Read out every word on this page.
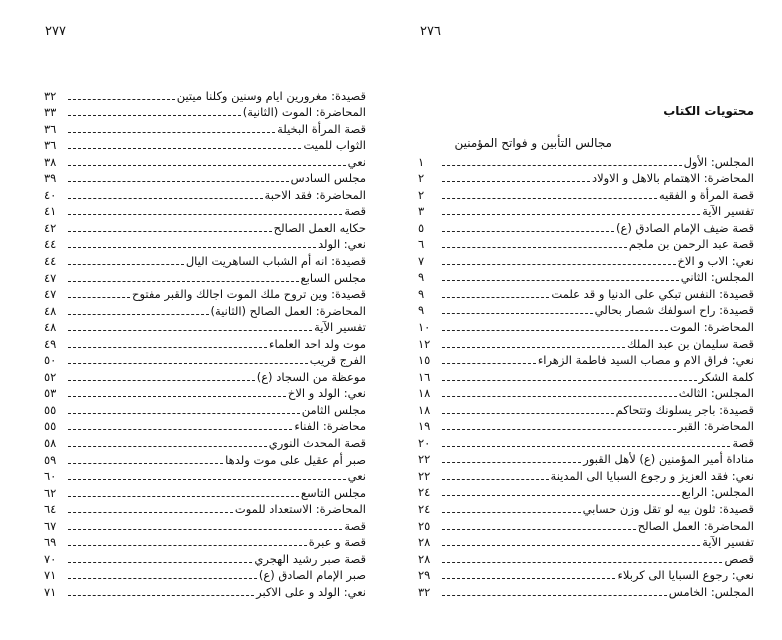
٢٧٧	٢٧٦
محتويات الكتاب
مجالس التأبين و فواتح المؤمنين
قصيدة: مغرورين ايام وسنين وكلنا ميتين
٣٢
المحاضرة: الموت (الثانية)
٣٣
قصة المرأة البخيلة
٣٦
الثواب للميت
٣٦
نعي
٣٨
مجلس السادس
٣٩
المحاضرة: فقد الاحبة
٤٠
قصة
٤١
حكايه العمل الصالح
٤٢
نعي: الولد
٤٤
قصيدة: انه أم الشباب الساهريت اليال
٤٤
مجلس السابع
٤٧
قصيدة: وين تروح ملك الموت اجالك والقبر مفتوح
٤٧
المحاضرة: العمل الصالح (الثانية)
٤٨
تفسير الآية
٤٨
موت ولد احد العلماء
٤٩
الفرج قريب
٥٠
موعظة من السجاد (ع)
٥٢
نعي: الولد و الاخ
٥٣
مجلس الثامن
٥٥
محاضرة: الفناء
٥٥
قصة المحدث النوري
٥٨
صبر أم عقيل على موت ولدها
٥٩
نعي
٦٠
مجلس التاسع
٦٢
المحاضرة: الاستعداد للموت
٦٤
قصة
٦٧
قصة و عبرة
٦٩
قصة صبر رشيد الهجري
٧٠
صبر الإمام الصادق (ع)
٧١
نعي: الولد و على الاكبر
٧١
المجلس: الأول
١
المحاضرة: الاهتمام بالاهل و الاولاد
٢
قصة المرأة و الفقيه
٢
تفسير الآية
٣
قصة ضيف الإمام الصادق (ع)
٥
قصة عبد الرحمن بن ملجم
٦
نعي: الاب و الاخ
٧
المجلس: الثاني
٩
قصيدة: النفس تبكي على الدنيا و قد علمت
٩
قصيدة: راح اسولفك شصار بحالي
٩
المحاضرة: الموت
١٠
قصة سليمان بن عبد الملك
١٢
نعي: فراق الام و مصاب السيد فاطمة الزهراء
١٥
كلمة الشكر
١٦
المجلس: الثالث
١٨
قصيدة: باجر يسلونك وتتحاكم
١٨
المحاضرة: القبر
١٩
قصة
٢٠
مناداة أمير المؤمنين (ع) لأهل القبور
٢٢
نعي: فقد العزيز و رجوع السبايا الى المدينة
٢٢
المجلس: الرابع
٢٤
قصيدة: ثلون بيه لو تقل وزن حسابي
٢٤
المحاضرة: العمل الصالح
٢٥
تفسير الآية
٢٨
قصص
٢٨
نعي: رجوع السبايا الى كربلاء
٢٩
المجلس: الخامس
٣٢
